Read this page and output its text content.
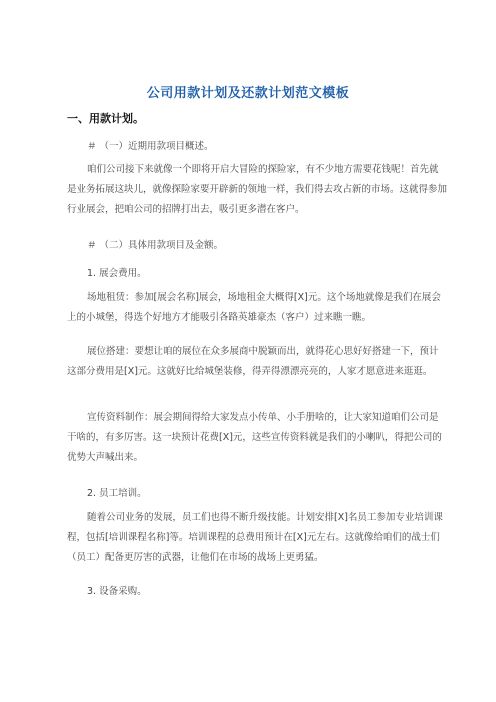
公司用款计划及还款计划范文模板
一、用款计划。
＃ （一）近期用款项目概述。

咱们公司接下来就像一个即将开启大冒险的探险家，有不少地方需要花钱呢！首先就是业务拓展这块儿，就像探险家要开辟新的领地一样，我们得去攻占新的市场。这就得参加行业展会，把咱公司的招牌打出去，吸引更多潜在客户。

＃ （二）具体用款项目及金额。
1. 展会费用。

场地租赁：参加[展会名称]展会，场地租金大概得[X]元。这个场地就像是我们在展会上的小城堡，得选个好地方才能吸引各路英雄豪杰（客户）过来瞧一瞧。

展位搭建：要想让咱的展位在众多展商中脱颖而出，就得花心思好好搭建一下，预计这部分费用是[X]元。这就好比给城堡装修，得弄得漂漂亮亮的，人家才愿意进来逛逛。

宣传资料制作：展会期间得给大家发点小传单、小手册啥的，让大家知道咱们公司是干啥的，有多厉害。这一块预计花费[X]元，这些宣传资料就是我们的小喇叭，得把公司的优势大声喊出来。

2. 员工培训。

随着公司业务的发展，员工们也得不断升级技能。计划安排[X]名员工参加专业培训课程，包括[培训课程名称]等。培训课程的总费用预计在[X]元左右。这就像给咱们的战士们（员工）配备更厉害的武器，让他们在市场的战场上更勇猛。

3. 设备采购。
